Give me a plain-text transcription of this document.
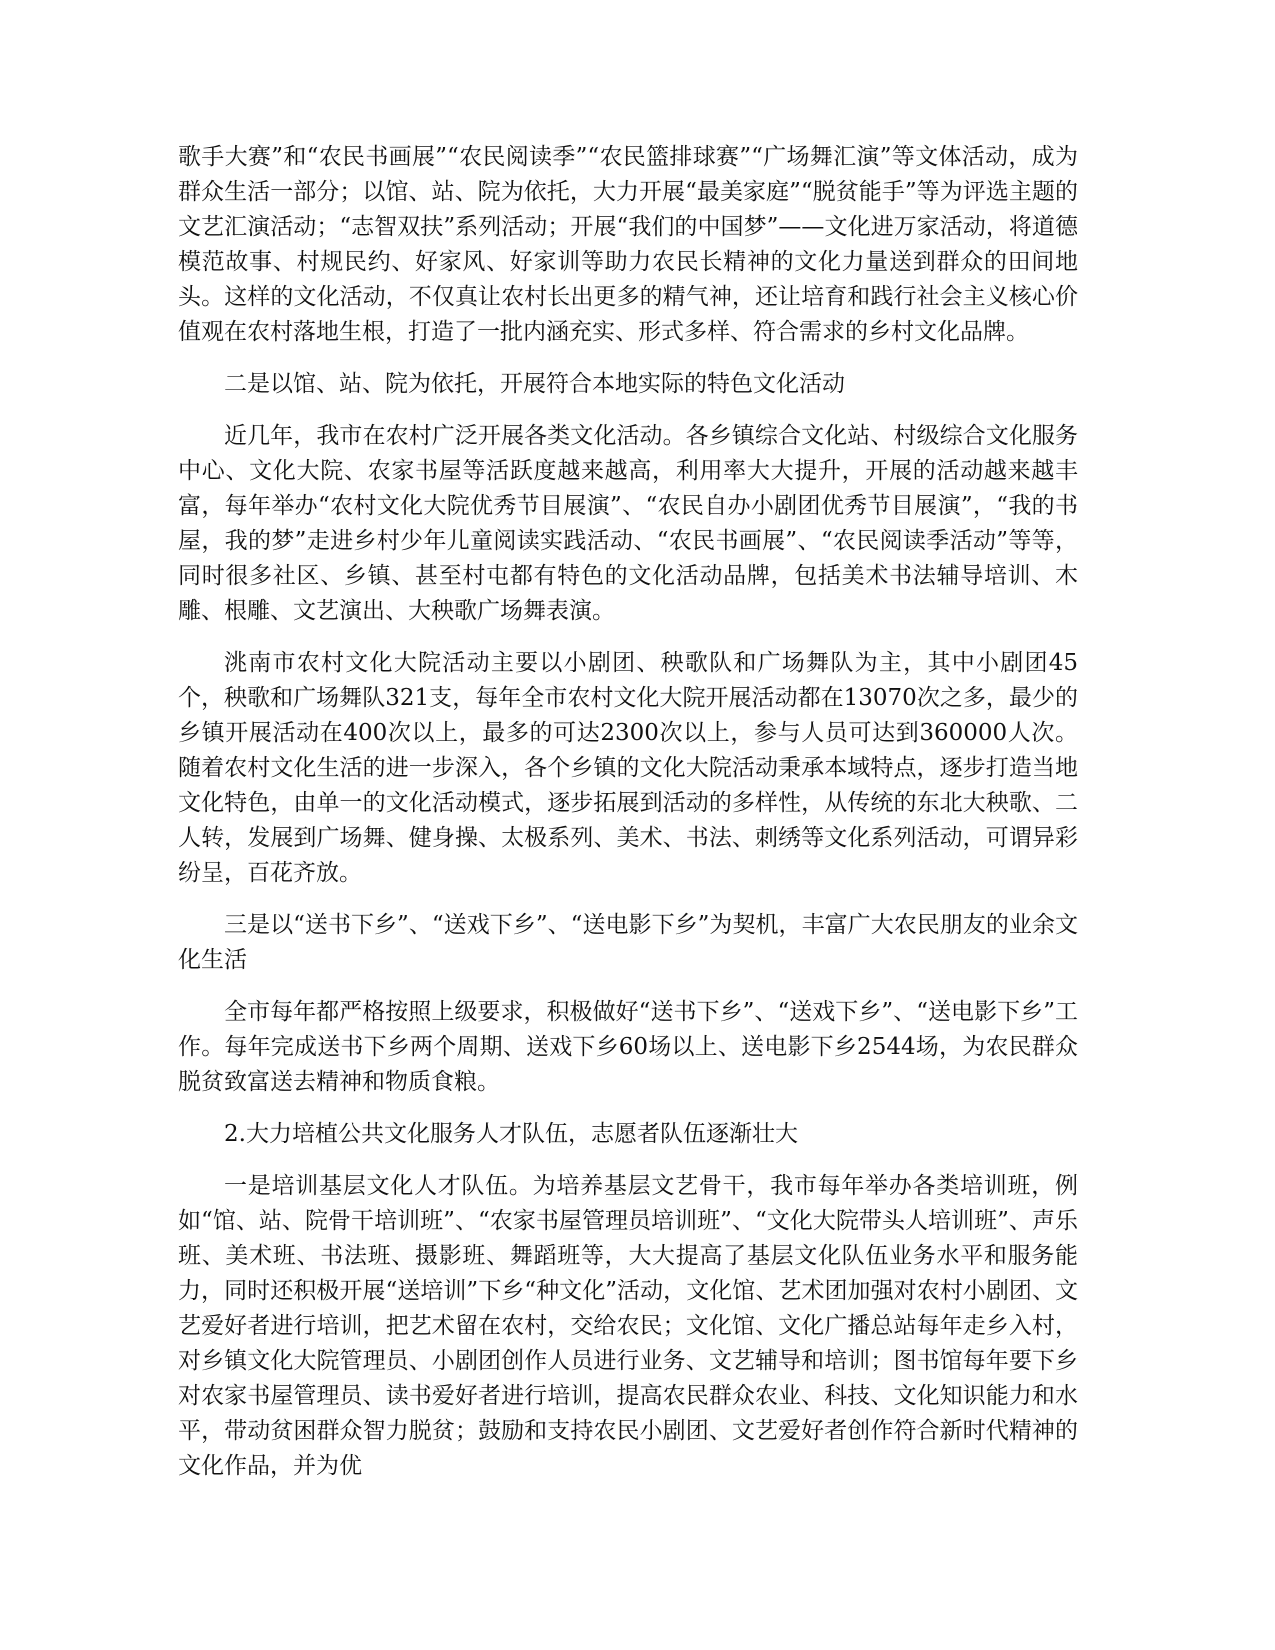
歌手大赛”和“农民书画展”“农民阅读季”“农民篮排球赛”“广场舞汇演”等文体活动，成为群众生活一部分；以馆、站、院为依托，大力开展“最美家庭”“脱贫能手”等为评选主题的文艺汇演活动；“志智双扶”系列活动；开展“我们的中国梦”——文化进万家活动，将道德模范故事、村规民约、好家风、好家训等助力农民长精神的文化力量送到群众的田间地头。这样的文化活动，不仅真让农村长出更多的精气神，还让培育和践行社会主义核心价值观在农村落地生根，打造了一批内涵充实、形式多样、符合需求的乡村文化品牌。

二是以馆、站、院为依托，开展符合本地实际的特色文化活动

近几年，我市在农村广泛开展各类文化活动。各乡镇综合文化站、村级综合文化服务中心、文化大院、农家书屋等活跃度越来越高，利用率大大提升，开展的活动越来越丰富，每年举办“农村文化大院优秀节目展演”、“农民自办小剧团优秀节目展演”，“我的书屋，我的梦”走进乡村少年儿童阅读实践活动、“农民书画展”、“农民阅读季活动”等等，同时很多社区、乡镇、甚至村屯都有特色的文化活动品牌，包括美术书法辅导培训、木雕、根雕、文艺演出、大秧歌广场舞表演。

洮南市农村文化大院活动主要以小剧团、秧歌队和广场舞队为主，其中小剧团45个，秧歌和广场舞队321支，每年全市农村文化大院开展活动都在13070次之多，最少的乡镇开展活动在400次以上，最多的可达2300次以上，参与人员可达到360000人次。随着农村文化生活的进一步深入，各个乡镇的文化大院活动秉承本域特点，逐步打造当地文化特色，由单一的文化活动模式，逐步拓展到活动的多样性，从传统的东北大秧歌、二人转，发展到广场舞、健身操、太极系列、美术、书法、刺绣等文化系列活动，可谓异彩纷呈，百花齐放。

三是以“送书下乡”、“送戏下乡”、“送电影下乡”为契机，丰富广大农民朋友的业余文化生活

全市每年都严格按照上级要求，积极做好“送书下乡”、“送戏下乡”、“送电影下乡”工作。每年完成送书下乡两个周期、送戏下乡60场以上、送电影下乡2544场，为农民群众脱贫致富送去精神和物质食粮。

2.大力培植公共文化服务人才队伍，志愿者队伍逐渐壮大

一是培训基层文化人才队伍。为培养基层文艺骨干，我市每年举办各类培训班，例如“馆、站、院骨干培训班”、“农家书屋管理员培训班”、“文化大院带头人培训班”、声乐班、美术班、书法班、摄影班、舞蹈班等，大大提高了基层文化队伍业务水平和服务能力，同时还积极开展“送培训”下乡“种文化”活动，文化馆、艺术团加强对农村小剧团、文艺爱好者进行培训，把艺术留在农村，交给农民；文化馆、文化广播总站每年走乡入村，对乡镇文化大院管理员、小剧团创作人员进行业务、文艺辅导和培训；图书馆每年要下乡对农家书屋管理员、读书爱好者进行培训，提高农民群众农业、科技、文化知识能力和水平，带动贫困群众智力脱贫；鼓励和支持农民小剧团、文艺爱好者创作符合新时代精神的文化作品，并为优
